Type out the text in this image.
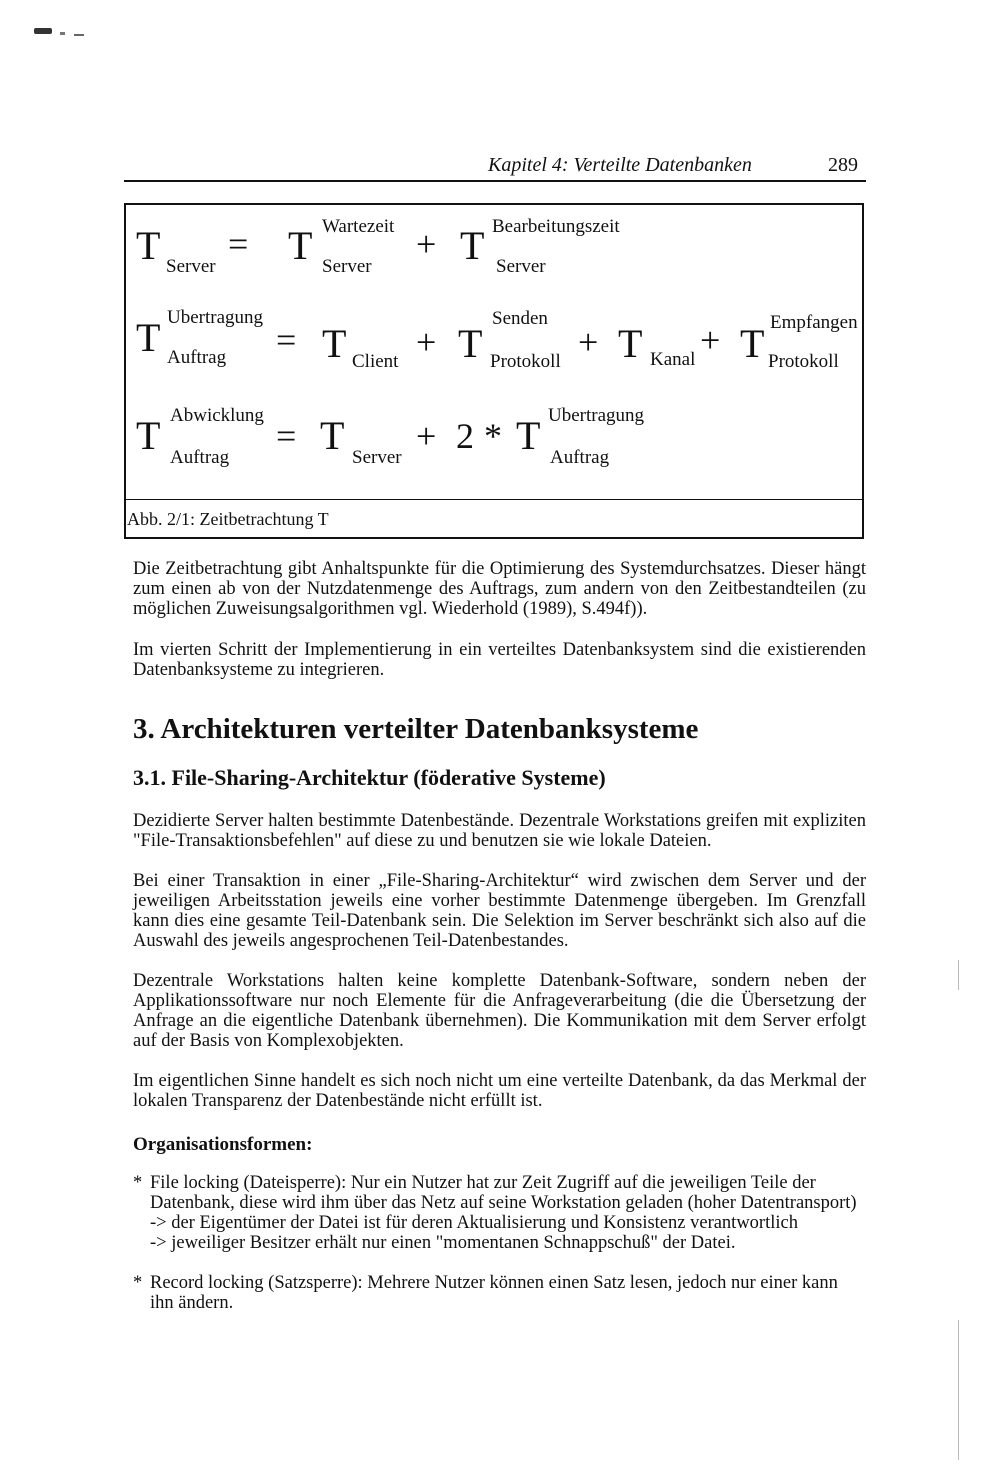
Kapitel 4: Verteilte Datenbanken	289
T Server
= T Wartezeit
Server
+ T Bearbeitungszeit
Server
T Ubertragung
Auftrag = T Client + T
Senden
Protokoll + T Kanal + T Empfangen
Protokoll
T Abwicklung
Auftrag
= T Server
+ 2 * T Ubertragung
Auftrag
Abb. 2/1: Zeitbetrachtung T
Die Zeitbetrachtung gibt Anhaltspunkte für die Optimierung des Systemdurchsatzes. Dieser hängt zum einen ab von der Nutzdatenmenge des Auftrags, zum andern von den Zeitbestandteilen (zu möglichen Zuweisungsalgorithmen vgl. Wiederhold (1989), S.494f)).
Im vierten Schritt der Implementierung in ein verteiltes Datenbanksystem sind die existierenden Datenbanksysteme zu integrieren.
3. Architekturen verteilter Datenbanksysteme
3.1. File-Sharing-Architektur (föderative Systeme)
Dezidierte Server halten bestimmte Datenbestände. Dezentrale Workstations greifen mit expliziten "File-Transaktionsbefehlen" auf diese zu und benutzen sie wie lokale Dateien.
Bei einer Transaktion in einer „File-Sharing-Architektur“ wird zwischen dem Server und der jeweiligen Arbeitsstation jeweils eine vorher bestimmte Datenmenge übergeben. Im Grenzfall kann dies eine gesamte Teil-Datenbank sein. Die Selektion im Server beschränkt sich also auf die Auswahl des jeweils angesprochenen Teil-Datenbestandes.
Dezentrale Workstations halten keine komplette Datenbank-Software, sondern neben der Applikationssoftware nur noch Elemente für die Anfrageverarbeitung (die die Übersetzung der Anfrage an die eigentliche Datenbank übernehmen). Die Kommunikation mit dem Server erfolgt auf der Basis von Komplexobjekten.
Im eigentlichen Sinne handelt es sich noch nicht um eine verteilte Datenbank, da das Merkmal der lokalen Transparenz der Datenbestände nicht erfüllt ist.
Organisationsformen:
* File locking (Dateisperre): Nur ein Nutzer hat zur Zeit Zugriff auf die jeweiligen Teile der Datenbank, diese wird ihm über das Netz auf seine Workstation geladen (hoher Datentransport)
-> der Eigentümer der Datei ist für deren Aktualisierung und Konsistenz verantwortlich
-> jeweiliger Besitzer erhält nur einen "momentanen Schnappschuß" der Datei.
* Record locking (Satzsperre): Mehrere Nutzer können einen Satz lesen, jedoch nur einer kann ihn ändern.
